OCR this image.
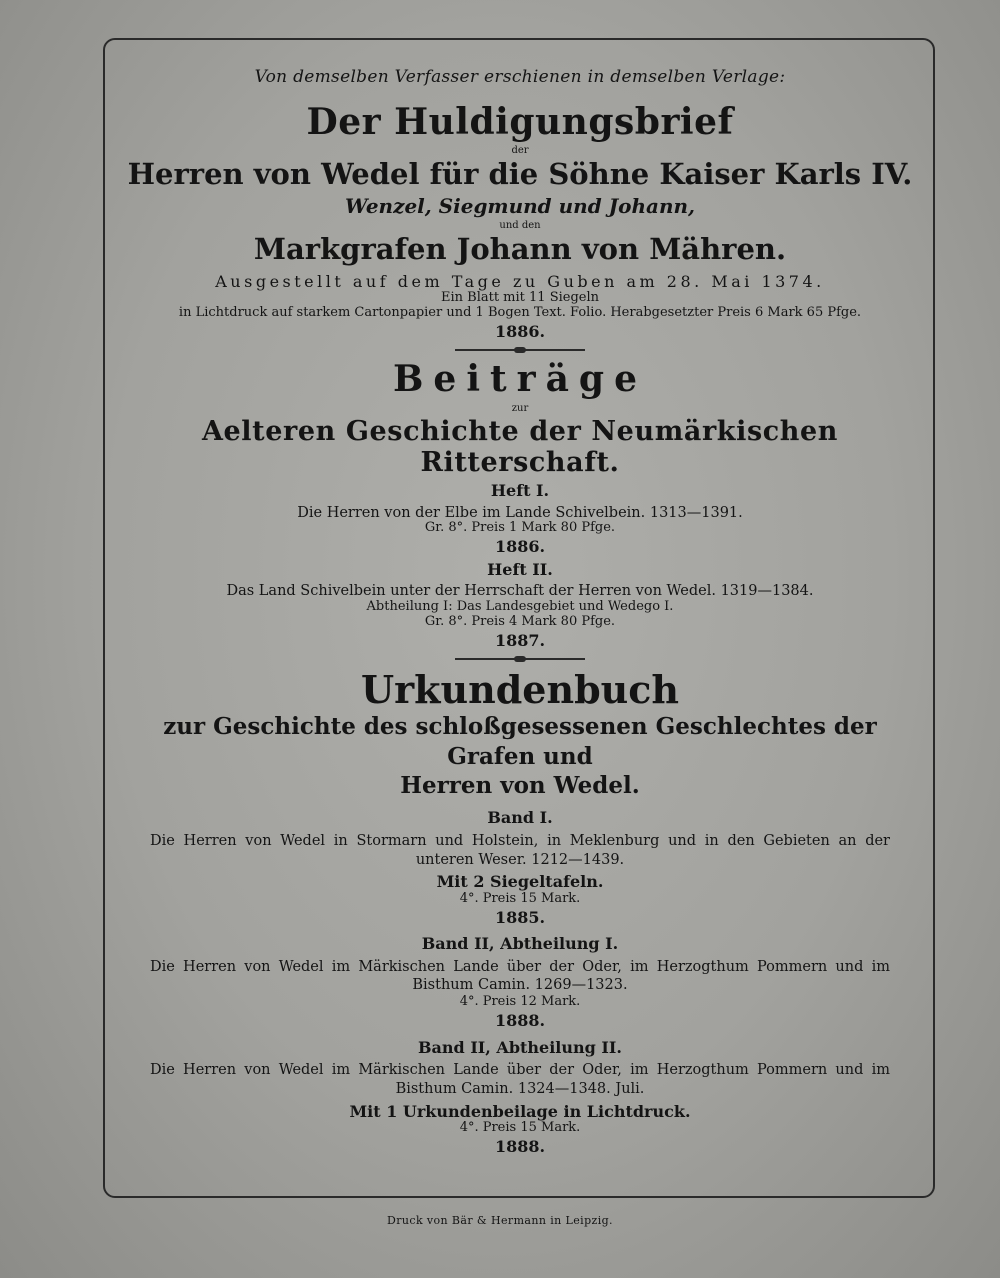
Von demselben Verfasser erschienen in demselben Verlage:
Der Huldigungsbrief
der
Herren von Wedel für die Söhne Kaiser Karls IV.
Wenzel, Siegmund und Johann,
und den
Markgrafen Johann von Mähren.
Ausgestellt auf dem Tage zu Guben am 28. Mai 1374.
Ein Blatt mit 11 Siegeln
in Lichtdruck auf starkem Cartonpapier und 1 Bogen Text. Folio. Herabgesetzter Preis 6 Mark 65 Pfge.
1886.
Beiträge
zur
Aelteren Geschichte der Neumärkischen Ritterschaft.
Heft I.
Die Herren von der Elbe im Lande Schivelbein. 1313—1391.
Gr. 8°. Preis 1 Mark 80 Pfge.
1886.
Heft II.
Das Land Schivelbein unter der Herrschaft der Herren von Wedel. 1319—1384.
Abtheilung I: Das Landesgebiet und Wedego I.
Gr. 8°. Preis 4 Mark 80 Pfge.
1887.
Urkundenbuch
zur Geschichte des schloßgesessenen Geschlechtes der Grafen und
Herren von Wedel.
Band I.
Die Herren von Wedel in Stormarn und Holstein, in Meklenburg und in den Gebieten an der unteren Weser. 1212—1439.
Mit 2 Siegeltafeln.
4°. Preis 15 Mark.
1885.
Band II, Abtheilung I.
Die Herren von Wedel im Märkischen Lande über der Oder, im Herzogthum Pommern und im Bisthum Camin. 1269—1323.
4°. Preis 12 Mark.
1888.
Band II, Abtheilung II.
Die Herren von Wedel im Märkischen Lande über der Oder, im Herzogthum Pommern und im Bisthum Camin. 1324—1348. Juli.
Mit 1 Urkundenbeilage in Lichtdruck.
4°. Preis 15 Mark.
1888.
Druck von Bär & Hermann in Leipzig.
